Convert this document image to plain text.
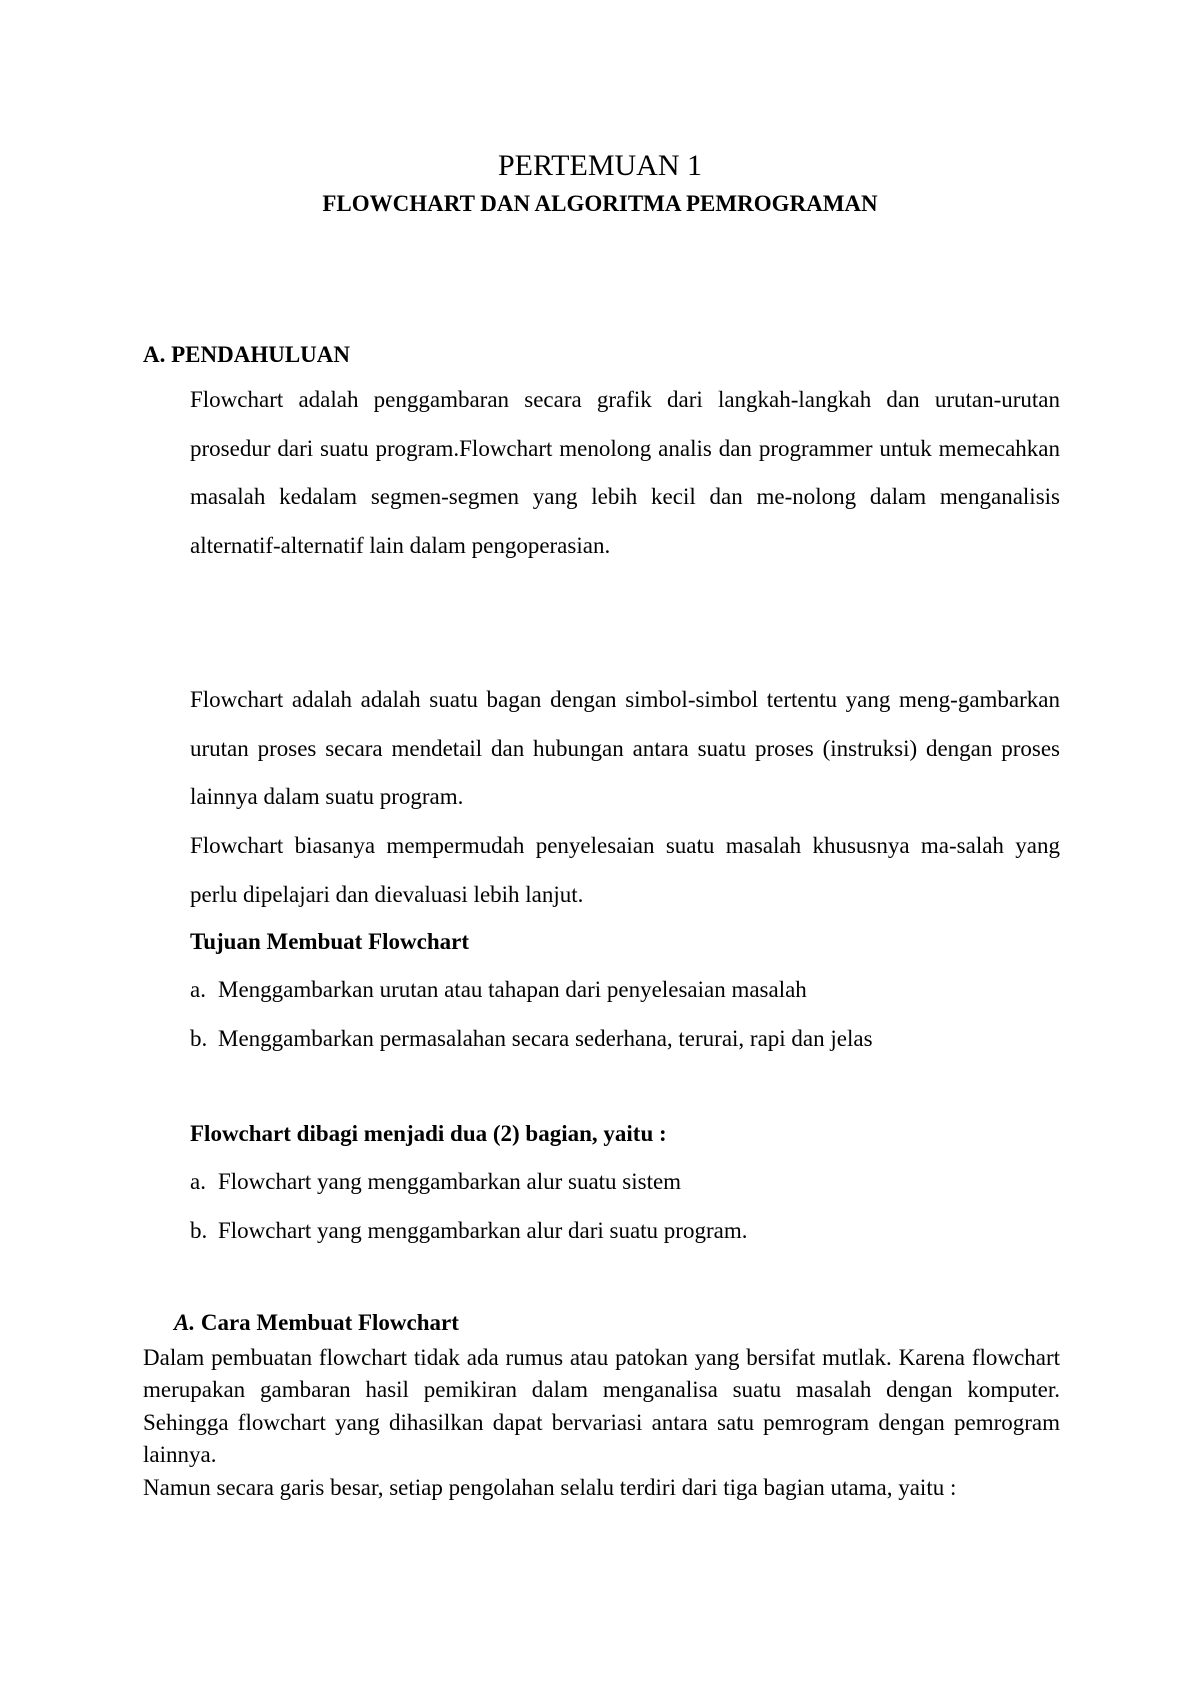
PERTEMUAN 1
FLOWCHART DAN ALGORITMA PEMROGRAMAN
A. PENDAHULUAN
Flowchart adalah penggambaran secara grafik dari langkah-langkah dan urutan-urutan prosedur dari suatu program.Flowchart menolong analis dan programmer untuk memecahkan masalah kedalam segmen-segmen yang lebih kecil dan me-nolong dalam menganalisis alternatif-alternatif lain dalam pengoperasian.
Flowchart adalah adalah suatu bagan dengan simbol-simbol tertentu yang meng-gambarkan urutan proses secara mendetail dan hubungan antara suatu proses (instruksi) dengan proses lainnya dalam suatu program.
Flowchart biasanya mempermudah penyelesaian suatu masalah khususnya ma-salah yang perlu dipelajari dan dievaluasi lebih lanjut.
Tujuan Membuat Flowchart
a. Menggambarkan urutan atau tahapan dari penyelesaian masalah
b. Menggambarkan permasalahan secara sederhana, terurai, rapi dan jelas
Flowchart dibagi menjadi dua (2) bagian, yaitu :
a. Flowchart yang menggambarkan alur suatu sistem
b. Flowchart yang menggambarkan alur dari suatu program.
A. Cara Membuat Flowchart

Dalam pembuatan flowchart tidak ada rumus atau patokan yang bersifat mutlak. Karena flowchart merupakan gambaran hasil pemikiran dalam menganalisa suatu masalah dengan komputer. Sehingga flowchart yang dihasilkan dapat bervariasi antara satu pemrogram dengan pemrogram lainnya.

Namun secara garis besar, setiap pengolahan selalu terdiri dari tiga bagian utama, yaitu :
